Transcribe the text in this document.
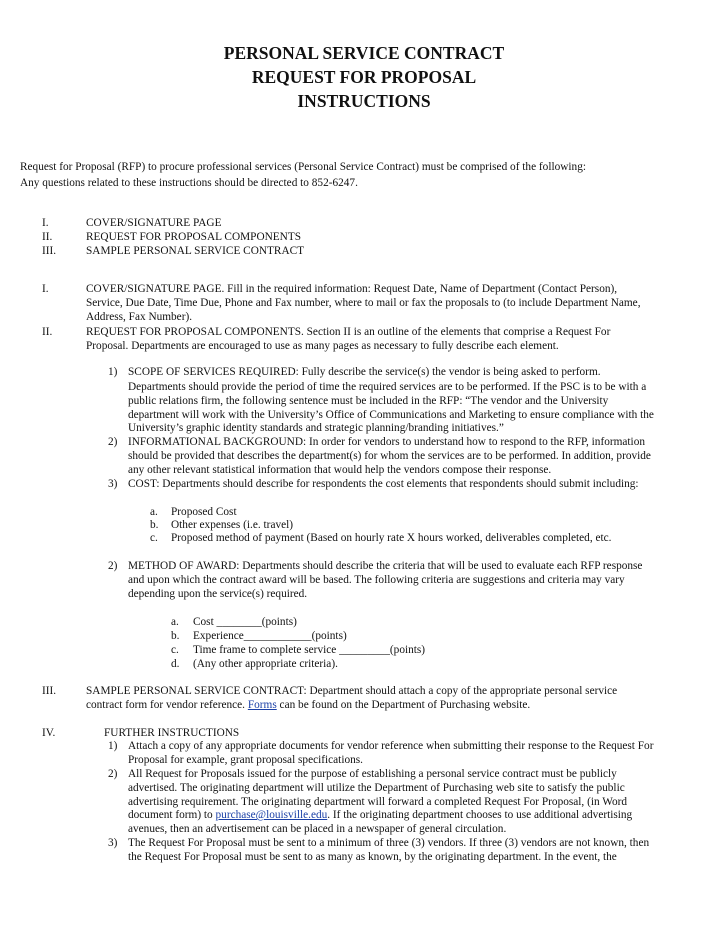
PERSONAL SERVICE CONTRACT
REQUEST FOR PROPOSAL
INSTRUCTIONS
Request for Proposal (RFP) to procure professional services (Personal Service Contract) must be comprised of the following:
Any questions related to these instructions should be directed to 852-6247.
I.	COVER/SIGNATURE PAGE
II.	REQUEST FOR PROPOSAL COMPONENTS
III.	SAMPLE PERSONAL SERVICE CONTRACT
I.	COVER/SIGNATURE PAGE. Fill in the required information: Request Date, Name of Department (Contact Person),
Service, Due Date, Time Due, Phone and Fax number, where to mail or fax the proposals to (to include Department Name,
Address, Fax Number).
II.	REQUEST FOR PROPOSAL COMPONENTS. Section II is an outline of the elements that comprise a Request For
Proposal. Departments are encouraged to use as many pages as necessary to fully describe each element.
1) SCOPE OF SERVICES REQUIRED: Fully describe the service(s) the vendor is being asked to perform.
Departments should provide the period of time the required services are to be performed. If the PSC is to be with a
public relations firm, the following sentence must be included in the RFP: “The vendor and the University
department will work with the University’s Office of Communications and Marketing to ensure compliance with the
University’s graphic identity standards and strategic planning/branding initiatives.”
2) INFORMATIONAL BACKGROUND: In order for vendors to understand how to respond to the RFP, information
should be provided that describes the department(s) for whom the services are to be performed. In addition, provide
any other relevant statistical information that would help the vendors compose their response.
3) COST: Departments should describe for respondents the cost elements that respondents should submit including:
a. Proposed Cost
b. Other expenses (i.e. travel)
c. Proposed method of payment (Based on hourly rate X hours worked, deliverables completed, etc.
2) METHOD OF AWARD: Departments should describe the criteria that will be used to evaluate each RFP response
and upon which the contract award will be based. The following criteria are suggestions and criteria may vary
depending upon the service(s) required.
a. Cost ________(points)
b. Experience____________(points)
c. Time frame to complete service _________(points)
d. (Any other appropriate criteria).
III.	SAMPLE PERSONAL SERVICE CONTRACT: Department should attach a copy of the appropriate personal service
contract form for vendor reference. Forms can be found on the Department of Purchasing website.
IV.	FURTHER INSTRUCTIONS
1) Attach a copy of any appropriate documents for vendor reference when submitting their response to the Request For
Proposal for example, grant proposal specifications.
2) All Request for Proposals issued for the purpose of establishing a personal service contract must be publicly
advertised. The originating department will utilize the Department of Purchasing web site to satisfy the public
advertising requirement. The originating department will forward a completed Request For Proposal, (in Word
document form) to purchase@louisville.edu. If the originating department chooses to use additional advertising
avenues, then an advertisement can be placed in a newspaper of general circulation.
3) The Request For Proposal must be sent to a minimum of three (3) vendors. If three (3) vendors are not known, then
the Request For Proposal must be sent to as many as known, by the originating department. In the event, the
